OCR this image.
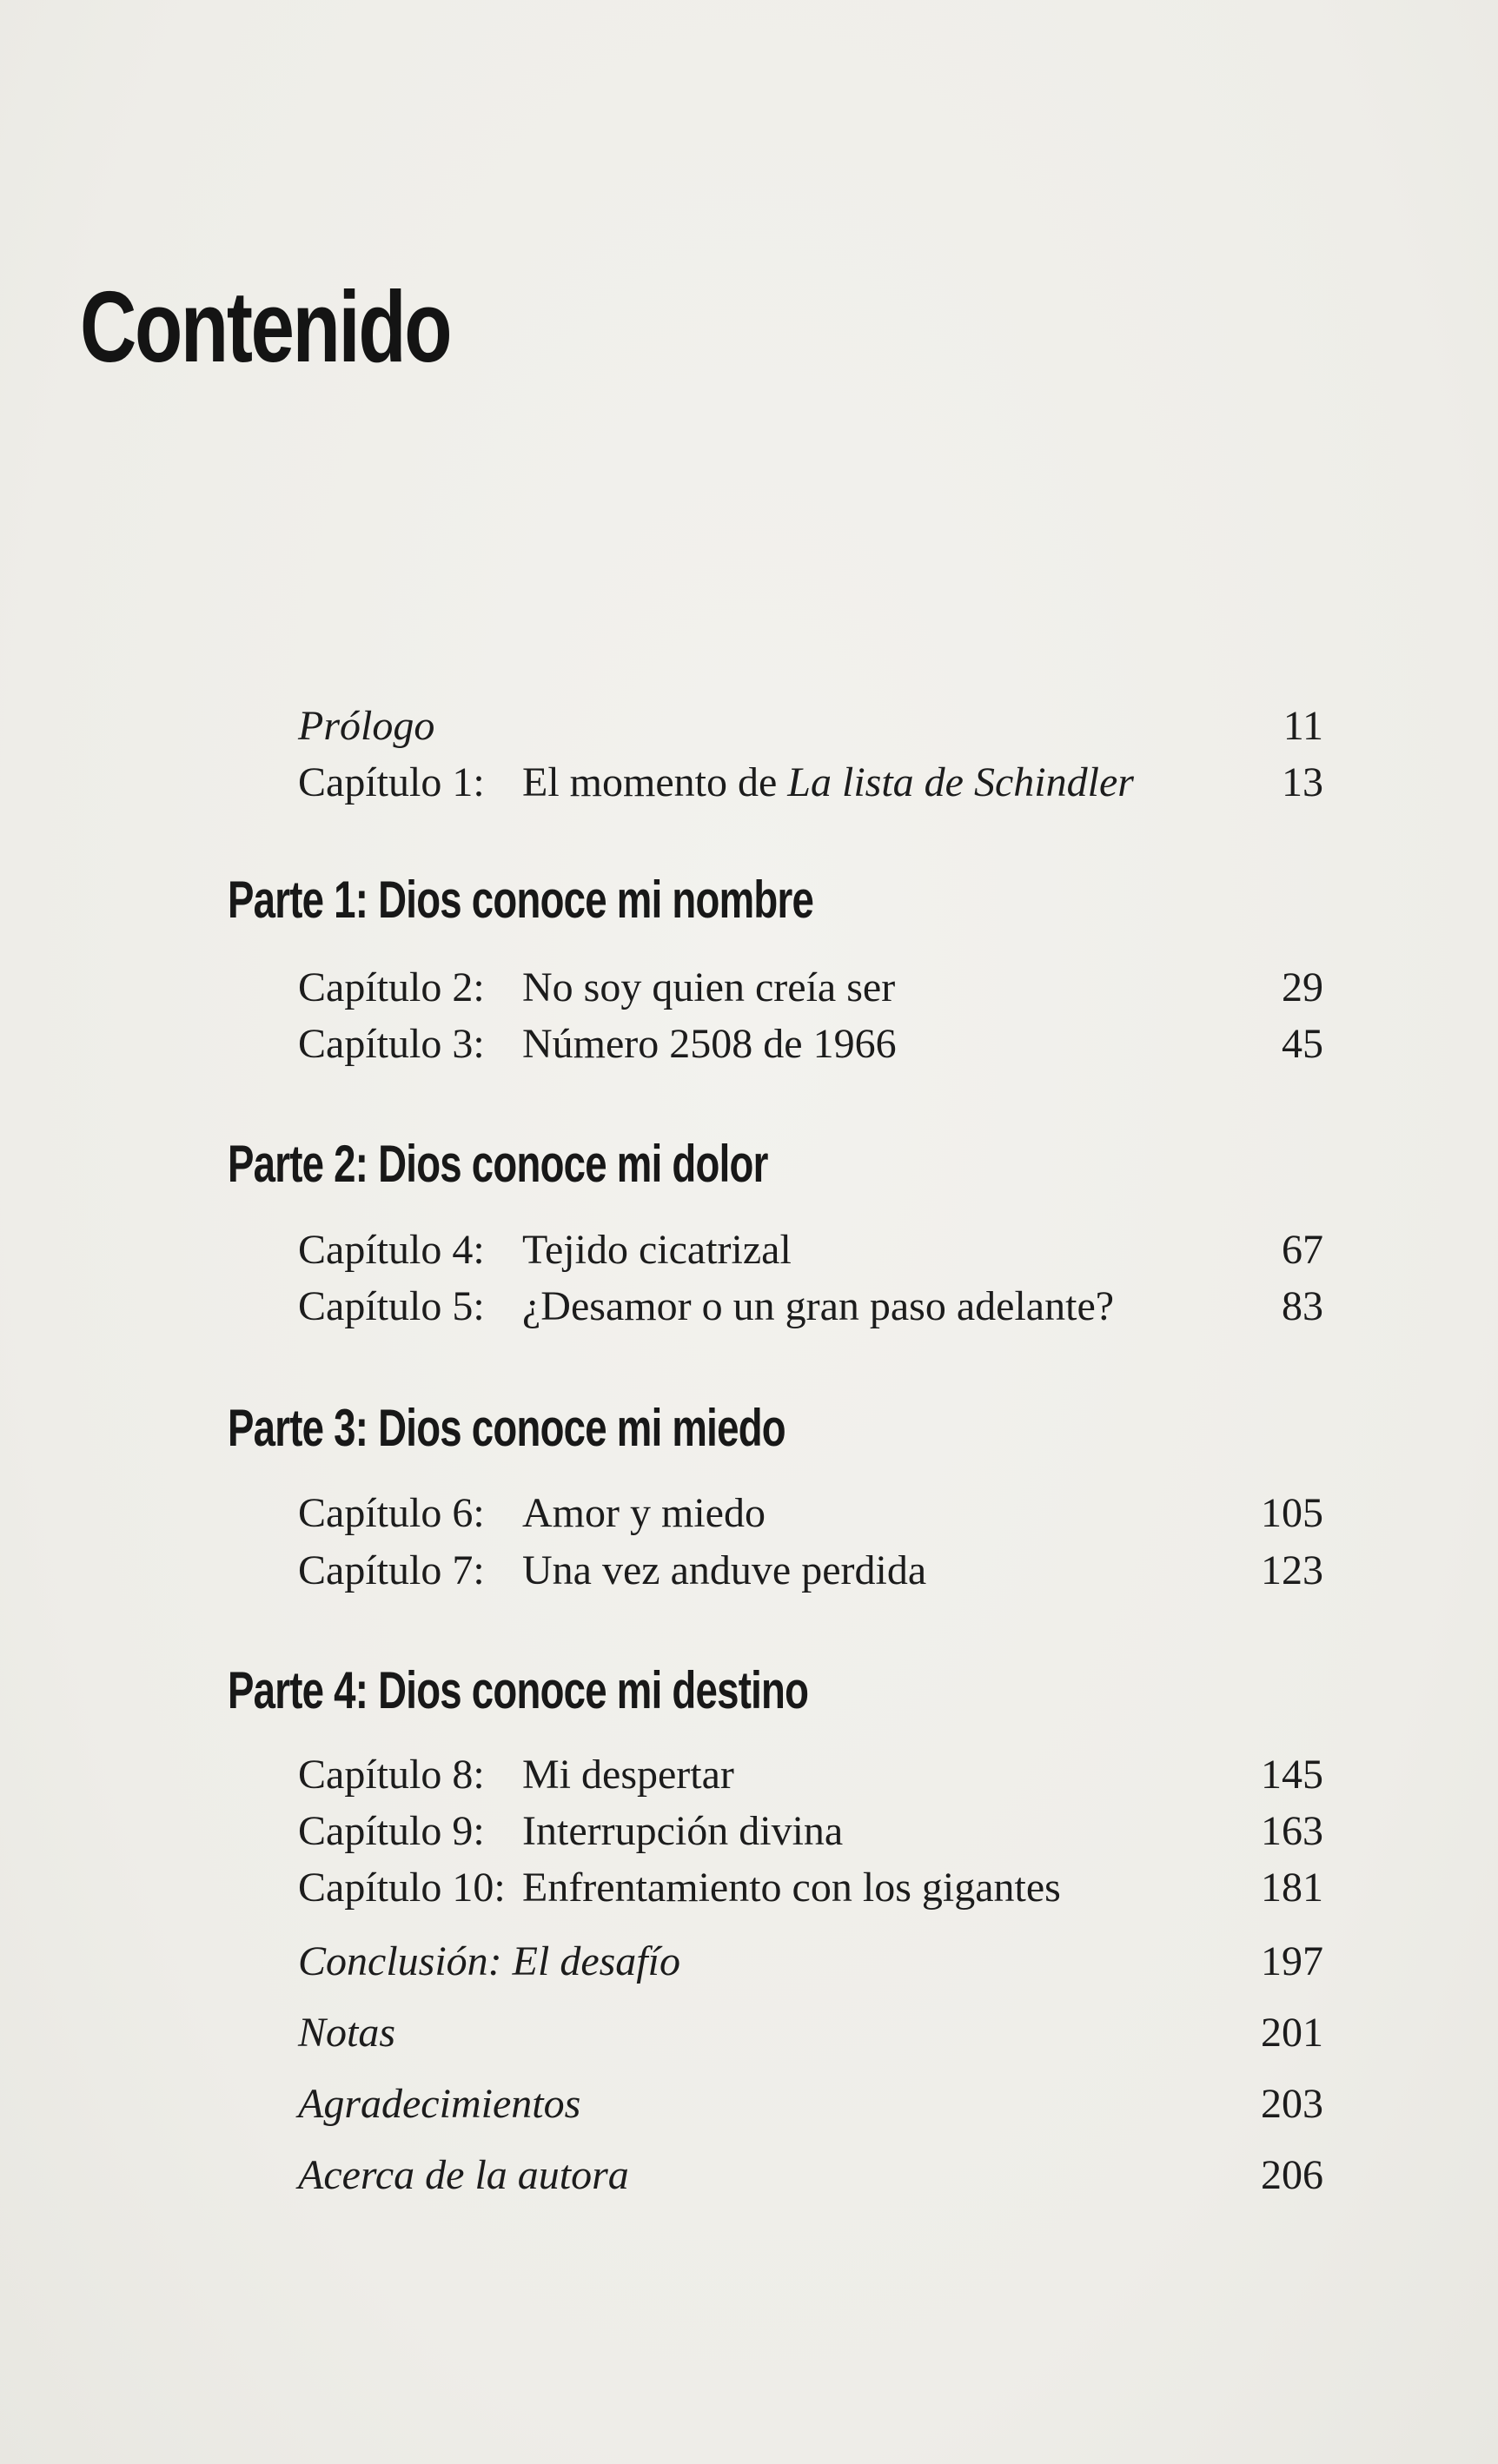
Contenido
Prólogo	11
Capítulo 1: El momento de La lista de Schindler	13
Parte 1: Dios conoce mi nombre
Capítulo 2: No soy quien creía ser	29
Capítulo 3: Número 2508 de 1966	45
Parte 2: Dios conoce mi dolor
Capítulo 4: Tejido cicatrizal	67
Capítulo 5: ¿Desamor o un gran paso adelante?	83
Parte 3: Dios conoce mi miedo
Capítulo 6: Amor y miedo	105
Capítulo 7: Una vez anduve perdida	123
Parte 4: Dios conoce mi destino
Capítulo 8: Mi despertar	145
Capítulo 9: Interrupción divina	163
Capítulo 10: Enfrentamiento con los gigantes	181
Conclusión: El desafío	197
Notas	201
Agradecimientos	203
Acerca de la autora	206
